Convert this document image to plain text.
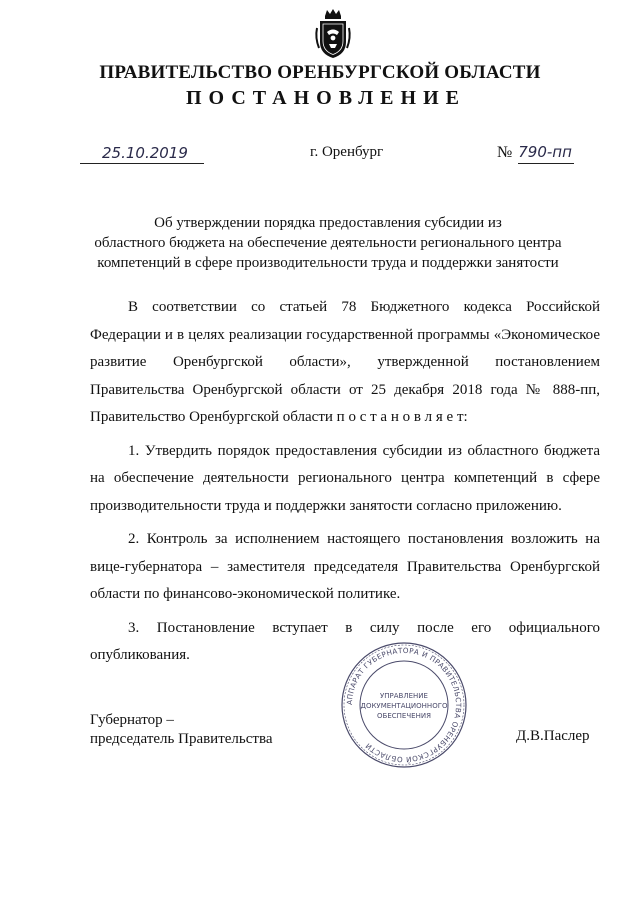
ПРАВИТЕЛЬСТВО ОРЕНБУРГСКОЙ ОБЛАСТИ
ПОСТАНОВЛЕНИЕ
25.10.2019	г. Оренбург	№ 790-пп
Об утверждении порядка предоставления субсидии из
областного бюджета на обеспечение деятельности регионального центра
компетенций в сфере производительности труда и поддержки занятости

В соответствии со статьей 78 Бюджетного кодекса Российской Федерации и в целях реализации государственной программы «Экономическое развитие Оренбургской области», утвержденной постановлением Правительства Оренбургской области от 25 декабря 2018 года № 888-пп, Правительство Оренбургской области п о с т а н о в л я е т:

1. Утвердить порядок предоставления субсидии из областного бюджета на обеспечение деятельности регионального центра компетенций в сфере производительности труда и поддержки занятости согласно приложению.

2. Контроль за исполнением настоящего постановления возложить на вице-губернатора – заместителя председателя Правительства Оренбургской области по финансово-экономической политике.

3. Постановление вступает в силу после его официального опубликования.

АППАРАТ ГУБЕРНАТОРА И ПРАВИТЕЛЬСТВА ОРЕНБУРГСКОЙ ОБЛАСТИ
УПРАВЛЕНИЕ
ДОКУМЕНТАЦИОННОГО
ОБЕСПЕЧЕНИЯ
Губернатор –
председатель Правительства	Д.В.Паслер
